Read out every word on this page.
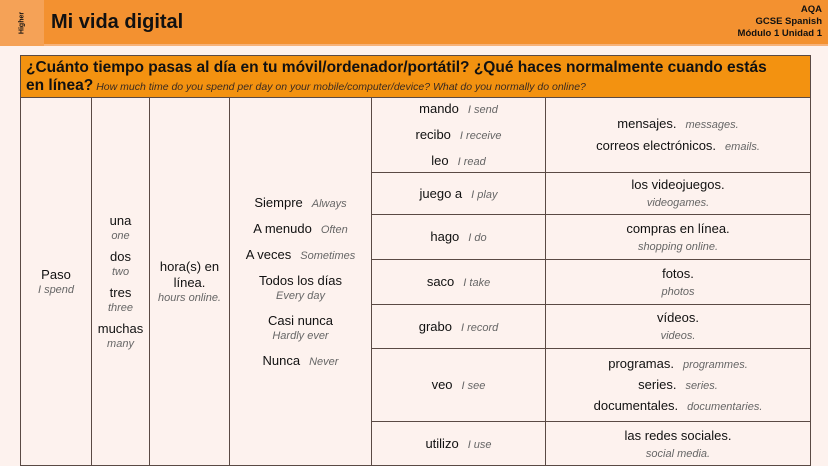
Higher Mi vida digital
AQA
GCSE Spanish
Módulo 1 Unidad 1
¿Cuánto tiempo pasas al día en tu móvil/ordenador/portátil? ¿Qué haces normalmente cuando estás
en línea? How much time do you spend per day on your mobile/computer/device? What do you normally do online?
Paso
I spend
una
one
dos
two
tres
three
muchas
many
hora(s) en línea.
hours online.
Siempre Always
A menudo Often
A veces Sometimes
Todos los días
Every day
Casi nunca
Hardly ever
Nunca Never
mando I send
recibo I receive
leo I read
mensajes. messages.
correos electrónicos. emails.
juego a I play
los videojuegos.
videogames.
hago I do
compras en línea.
shopping online.
saco I take
fotos.
photos
grabo I record
vídeos.
videos.
veo I see
programas. programmes.
series. series.
documentales. documentaries.
utilizo I use
las redes sociales.
social media.
